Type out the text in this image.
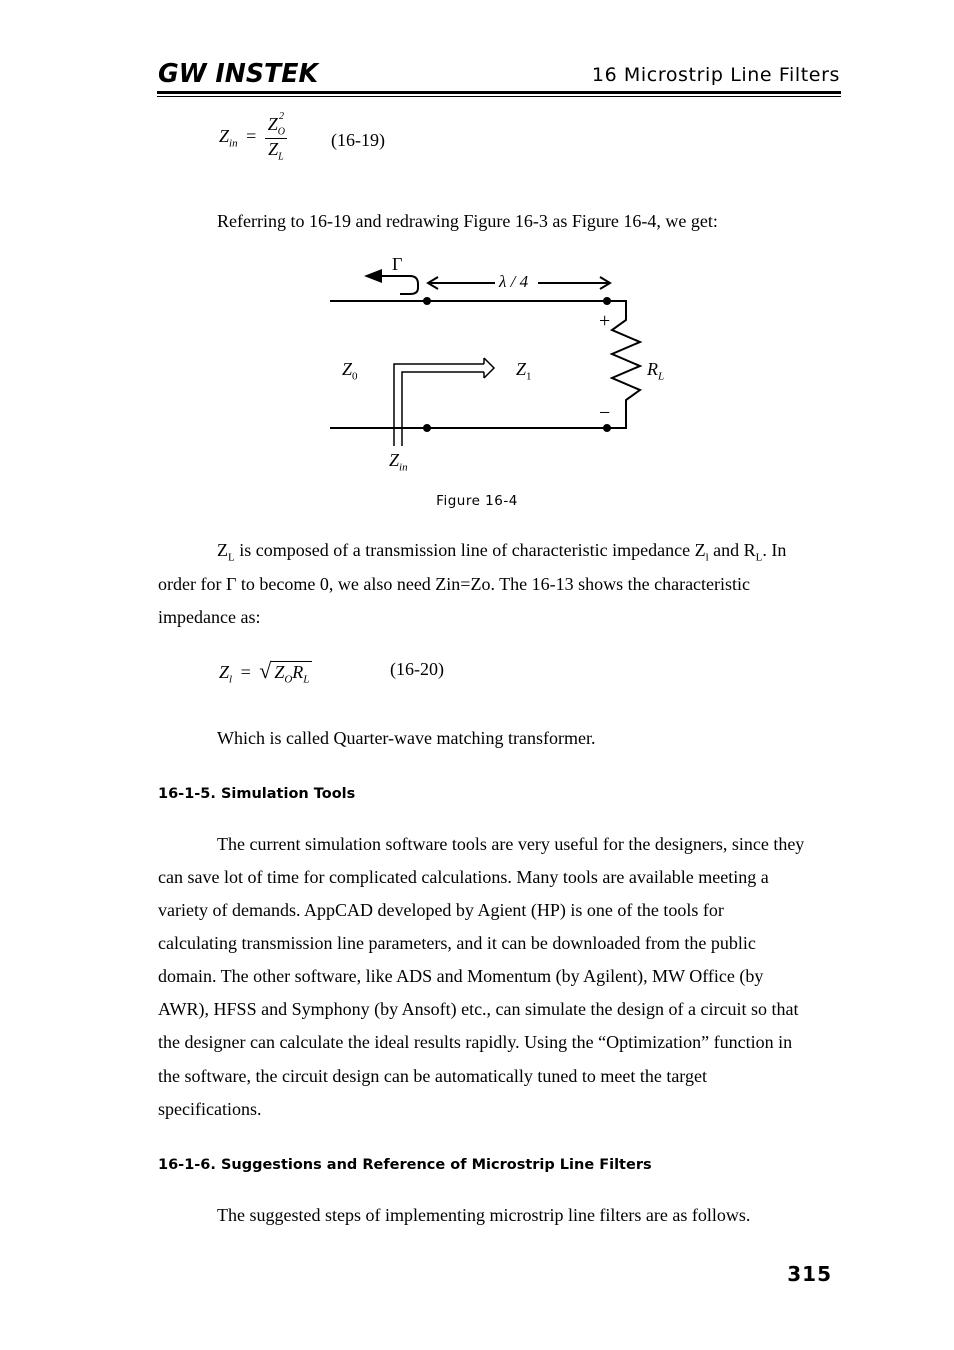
GW INSTEK	16 Microstrip Line Filters
$Z_{in} = \frac{Z_O^2}{Z_L} (16-19)$
Referring to 16-19 and redrawing Figure 16-3 as Figure 16-4, we get:
Γ
λ / 4
+
−
$Z_0$	$Z_1$	$R_L$
$Z_{in}$
Figure 16-4
$Z_L$ is composed of a transmission line of characteristic impedance $Z_l$ and $R_L$. In
order for Γ to become 0, we also need Zin=Zo. The 16-13 shows the characteristic
impedance as:
$Z_l$ = √ $Z_OR_L$
(16-20)
Which is called Quarter-wave matching transformer.
16-1-5. Simulation Tools
The current simulation software tools are very useful for the designers, since they
can save lot of time for complicated calculations. Many tools are available meeting a
variety of demands. AppCAD developed by Agient (HP) is one of the tools for
calculating transmission line parameters, and it can be downloaded from the public
domain. The other software, like ADS and Momentum (by Agilent), MW Office (by
AWR), HFSS and Symphony (by Ansoft) etc., can simulate the design of a circuit so that
the designer can calculate the ideal results rapidly. Using the “Optimization” function in
the software, the circuit design can be automatically tuned to meet the target
specifications.
16-1-6. Suggestions and Reference of Microstrip Line Filters
The suggested steps of implementing microstrip line filters are as follows.
315
